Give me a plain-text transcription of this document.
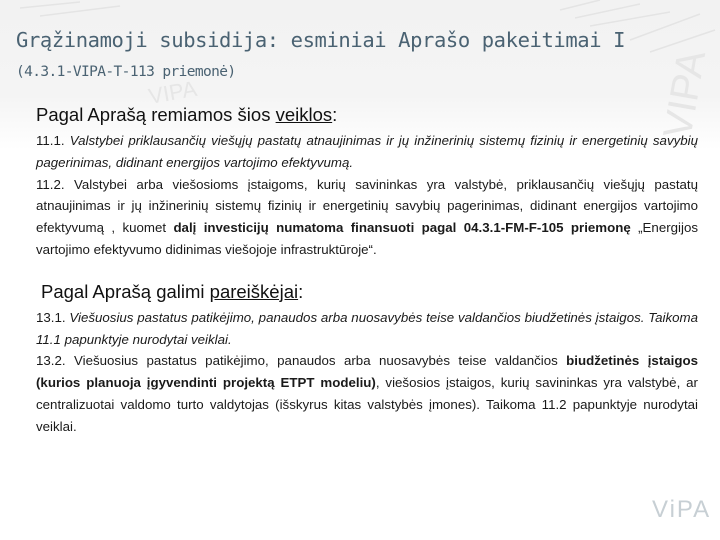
VIPA	VIPA
Grąžinamoji subsidija: esminiai Aprašo pakeitimai I
(4.3.1-VIPA-T-113 priemonė)
Pagal Aprašą remiamos šios veiklos:

11.1. Valstybei priklausančių viešųjų pastatų atnaujinimas ir jų inžinerinių sistemų fizinių ir energetinių savybių pagerinimas, didinant energijos vartojimo efektyvumą.

11.2. Valstybei arba viešosioms įstaigoms, kurių savininkas yra valstybė, priklausančių viešųjų pastatų atnaujinimas ir jų inžinerinių sistemų fizinių ir energetinių savybių pagerinimas, didinant energijos vartojimo efektyvumą , kuomet dalį investicijų numatoma finansuoti pagal 04.3.1-FM-F-105 priemonę „Energijos vartojimo efektyvumo didinimas viešojoje infrastruktūroje“.

Pagal Aprašą galimi pareiškėjai:

13.1. Viešuosius pastatus patikėjimo, panaudos arba nuosavybės teise valdančios biudžetinės įstaigos. Taikoma 11.1 papunktyje nurodytai veiklai.

13.2. Viešuosius pastatus patikėjimo, panaudos arba nuosavybės teise valdančios biudžetinės įstaigos (kurios planuoja įgyvendinti projektą ETPT modeliu), viešosios įstaigos, kurių savininkas yra valstybė, ar centralizuotai valdomo turto valdytojas (išskyrus kitas valstybės įmones). Taikoma 11.2 papunktyje nurodytai veiklai.

ViPA
